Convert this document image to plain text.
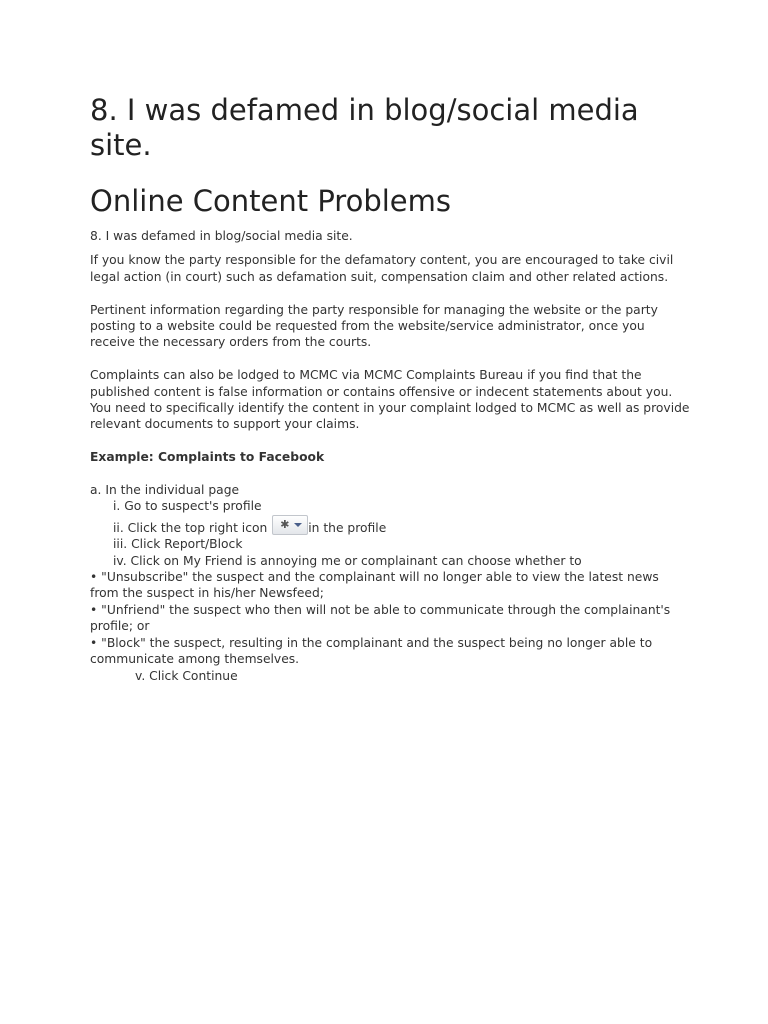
8. I was defamed in blog/social media site.
Online Content Problems

8. I was defamed in blog/social media site.

If you know the party responsible for the defamatory content, you are encouraged to take civil legal action (in court) such as defamation suit, compensation claim and other related actions.

Pertinent information regarding the party responsible for managing the website or the party posting to a website could be requested from the website/service administrator, once you receive the necessary orders from the courts.

Complaints can also be lodged to MCMC via MCMC Complaints Bureau if you find that the published content is false information or contains offensive or indecent statements about you. You need to specifically identify the content in your complaint lodged to MCMC as well as provide relevant documents to support your claims.

Example: Complaints to Facebook

a. In the individual page

i. Go to suspect's profile

ii. Click the top right icon ✱ in the profile

iii. Click Report/Block

iv. Click on My Friend is annoying me or complainant can choose whether to

• "Unsubscribe" the suspect and the complainant will no longer able to view the latest news from the suspect in his/her Newsfeed;

• "Unfriend" the suspect who then will not be able to communicate through the complainant's profile; or

• "Block" the suspect, resulting in the complainant and the suspect being no longer able to communicate among themselves.

v. Click Continue
